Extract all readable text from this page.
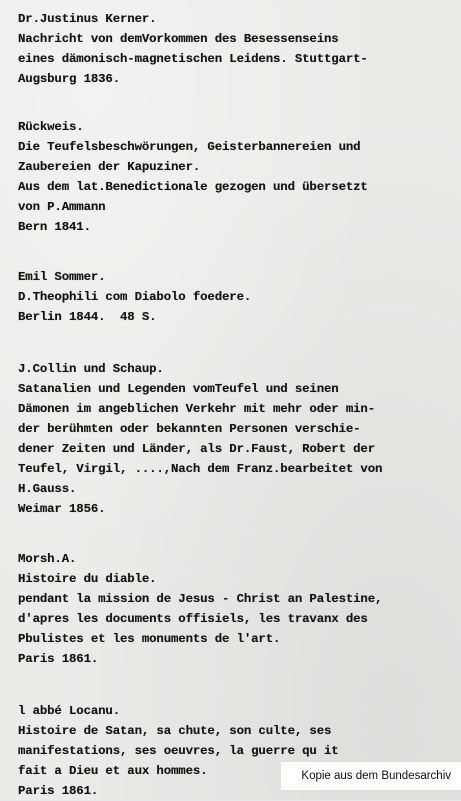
Dr.Justinus Kerner.
Nachricht von demVorkommen des Besessenseins
eines dämonisch-magnetischen Leidens. Stuttgart-
Augsburg 1836.
Rückweis.
Die Teufelsbeschwörungen, Geisterbannereien und
Zaubereien der Kapuziner.
Aus dem lat.Benedictionale gezogen und übersetzt
von P.Ammann
Bern 1841.
Emil Sommer.
D.Theophili com Diabolo foedere.
Berlin 1844.  48 S.
J.Collin und Schaup.
Satanalien und Legenden vomTeufel und seinen
Dämonen im angeblichen Verkehr mit mehr oder min-
der berühmten oder bekannten Personen verschie-
dener Zeiten und Länder, als Dr.Faust, Robert der
Teufel, Virgil, ....,Nach dem Franz.bearbeitet von
H.Gauss.
Weimar 1856.
Morsh.A.
Histoire du diable.
pendant la mission de Jesus - Christ an Palestine,
d'apres les documents offisiels, les travanx des
Pbulistes et les monuments de l'art.
Paris 1861.
l abbé Locanu.
Histoire de Satan, sa chute, son culte, ses
manifestations, ses oeuvres, la guerre qu it
fait a Dieu et aux hommes.
Paris 1861.
Kopie aus dem Bundesarchiv
